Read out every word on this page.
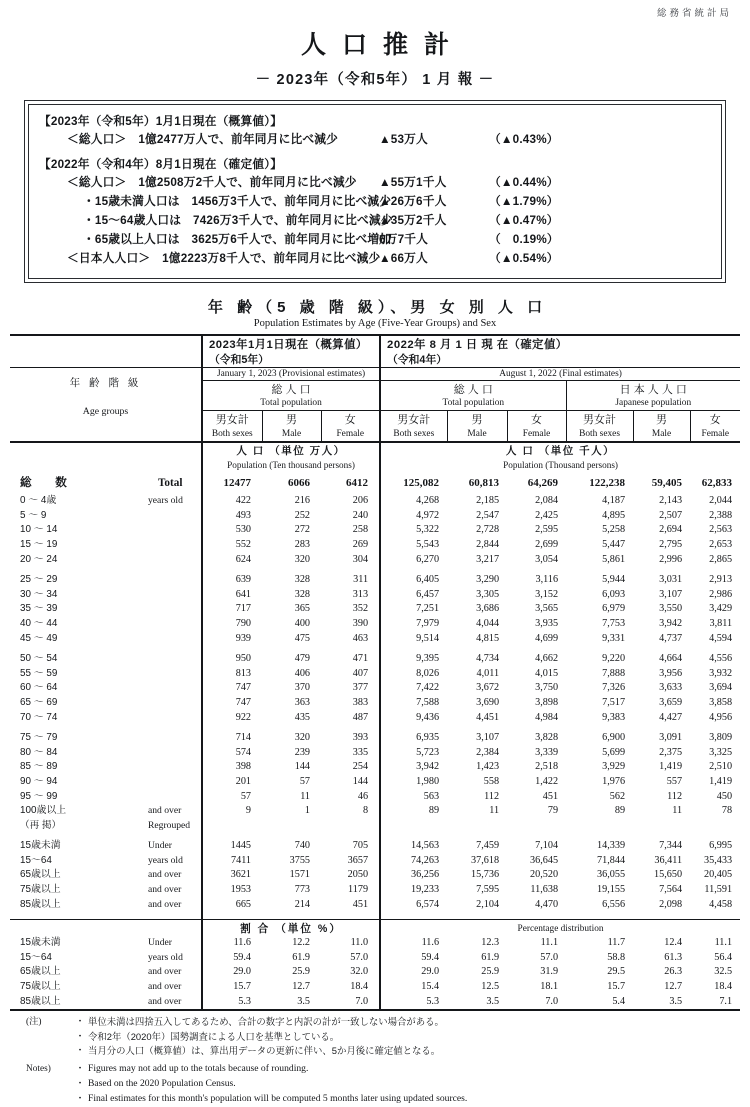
総務省統計局
人口推計
－ 2023年（令和5年） 1 月 報 －
【2023年（令和5年）1月1日現在（概算値）】
＜総人口＞　1億2477万人で、前年同月に比べ減少	▲53万人	（▲0.43%）
【2022年（令和4年）8月1日現在（確定値）】
＜総人口＞　1億2508万2千人で、前年同月に比べ減少	▲55万1千人	（▲0.44%）
・15歳未満人口は　1456万3千人で、前年同月に比べ減少
▲26万6千人	（▲1.79%）
・15～64歳人口は　7426万3千人で、前年同月に比べ減少
▲35万2千人	（▲0.47%）
・65歳以上人口は　3625万6千人で、前年同月に比べ増加
6万7千人	（　0.19%）
＜日本人人口＞　1億2223万8千人で、前年同月に比べ減少
▲66万人	（▲0.54%）
年 齢（5 歳 階 級）、男 女 別 人 口
Population Estimates by Age (Five-Year Groups) and Sex
		2023年1月1日現在（概算値）			2022年 8 月 1 日 現 在（確定値）					
		（令和5年）			（令和4年）					
年 齢 階 級		January 1, 2023 (Provisional estimates)			August 1, 2022 (Final estimates)					
		総 人 口			総 人 口			日 本 人 人 口		
Age groups		Total population			Total population			Japanese population		
		男女計	男	女	男女計	男	女	男女計	男	女
		Both sexes	Male	Female	Both sexes	Male	Female	Both sexes	Male	Female
		人 口 （単位 万人）			人 口 （単位 千人）					
		Population (Ten thousand persons)			Population (Thousand persons)					
総　数	Total	12477	6066	6412	125,082	60,813	64,269	122,238	59,405	62,833
0 ～ 4歳	years old	422	216	206	4,268	2,185	2,084	4,187	2,143	2,044
5 ～ 9		493	252	240	4,972	2,547	2,425	4,895	2,507	2,388
10 ～ 14		530	272	258	5,322	2,728	2,595	5,258	2,694	2,563
15 ～ 19		552	283	269	5,543	2,844	2,699	5,447	2,795	2,653
20 ～ 24		624	320	304	6,270	3,217	3,054	5,861	2,996	2,865
25 ～ 29		639	328	311	6,405	3,290	3,116	5,944	3,031	2,913
30 ～ 34		641	328	313	6,457	3,305	3,152	6,093	3,107	2,986
35 ～ 39		717	365	352	7,251	3,686	3,565	6,979	3,550	3,429
40 ～ 44		790	400	390	7,979	4,044	3,935	7,753	3,942	3,811
45 ～ 49		939	475	463	9,514	4,815	4,699	9,331	4,737	4,594
50 ～ 54		950	479	471	9,395	4,734	4,662	9,220	4,664	4,556
55 ～ 59		813	406	407	8,026	4,011	4,015	7,888	3,956	3,932
60 ～ 64		747	370	377	7,422	3,672	3,750	7,326	3,633	3,694
65 ～ 69		747	363	383	7,588	3,690	3,898	7,517	3,659	3,858
70 ～ 74		922	435	487	9,436	4,451	4,984	9,383	4,427	4,956
75 ～ 79		714	320	393	6,935	3,107	3,828	6,900	3,091	3,809
80 ～ 84		574	239	335	5,723	2,384	3,339	5,699	2,375	3,325
85 ～ 89		398	144	254	3,942	1,423	2,518	3,929	1,419	2,510
90 ～ 94		201	57	144	1,980	558	1,422	1,976	557	1,419
95 ～ 99		57	11	46	563	112	451	562	112	450
100歳以上	and over	9	1	8	89	11	79	89	11	78
（再 掲）	Regrouped									
15歳未満	Under	1445	740	705	14,563	7,459	7,104	14,339	7,344	6,995
15～64	years old	7411	3755	3657	74,263	37,618	36,645	71,844	36,411	35,433
65歳以上	and over	3621	1571	2050	36,256	15,736	20,520	36,055	15,650	20,405
75歳以上	and over	1953	773	1179	19,233	7,595	11,638	19,155	7,564	11,591
85歳以上	and over	665	214	451	6,574	2,104	4,470	6,556	2,098	4,458

		割 合 （単位 %）			Percentage distribution					
15歳未満	Under	11.6	12.2	11.0	11.6	12.3	11.1	11.7	12.4	11.1
15～64	years old	59.4	61.9	57.0	59.4	61.9	57.0	58.8	61.3	56.4
65歳以上	and over	29.0	25.9	32.0	29.0	25.9	31.9	29.5	26.3	32.5
75歳以上	and over	15.7	12.7	18.4	15.4	12.5	18.1	15.7	12.7	18.4
85歳以上	and over	5.3	3.5	7.0	5.3	3.5	7.0	5.4	3.5	7.1

(注)	・ 単位未満は四捨五入してあるため、合計の数字と内訳の計が一致しない場合がある。
・ 令和2年（2020年）国勢調査による人口を基準としている。
・ 当月分の人口（概算値）は、算出用データの更新に伴い、5か月後に確定値となる。
Notes)	・ Figures may not add up to the totals because of rounding.
・ Based on the 2020 Population Census.
・ Final estimates for this month's population will be computed 5 months later using updated sources.
